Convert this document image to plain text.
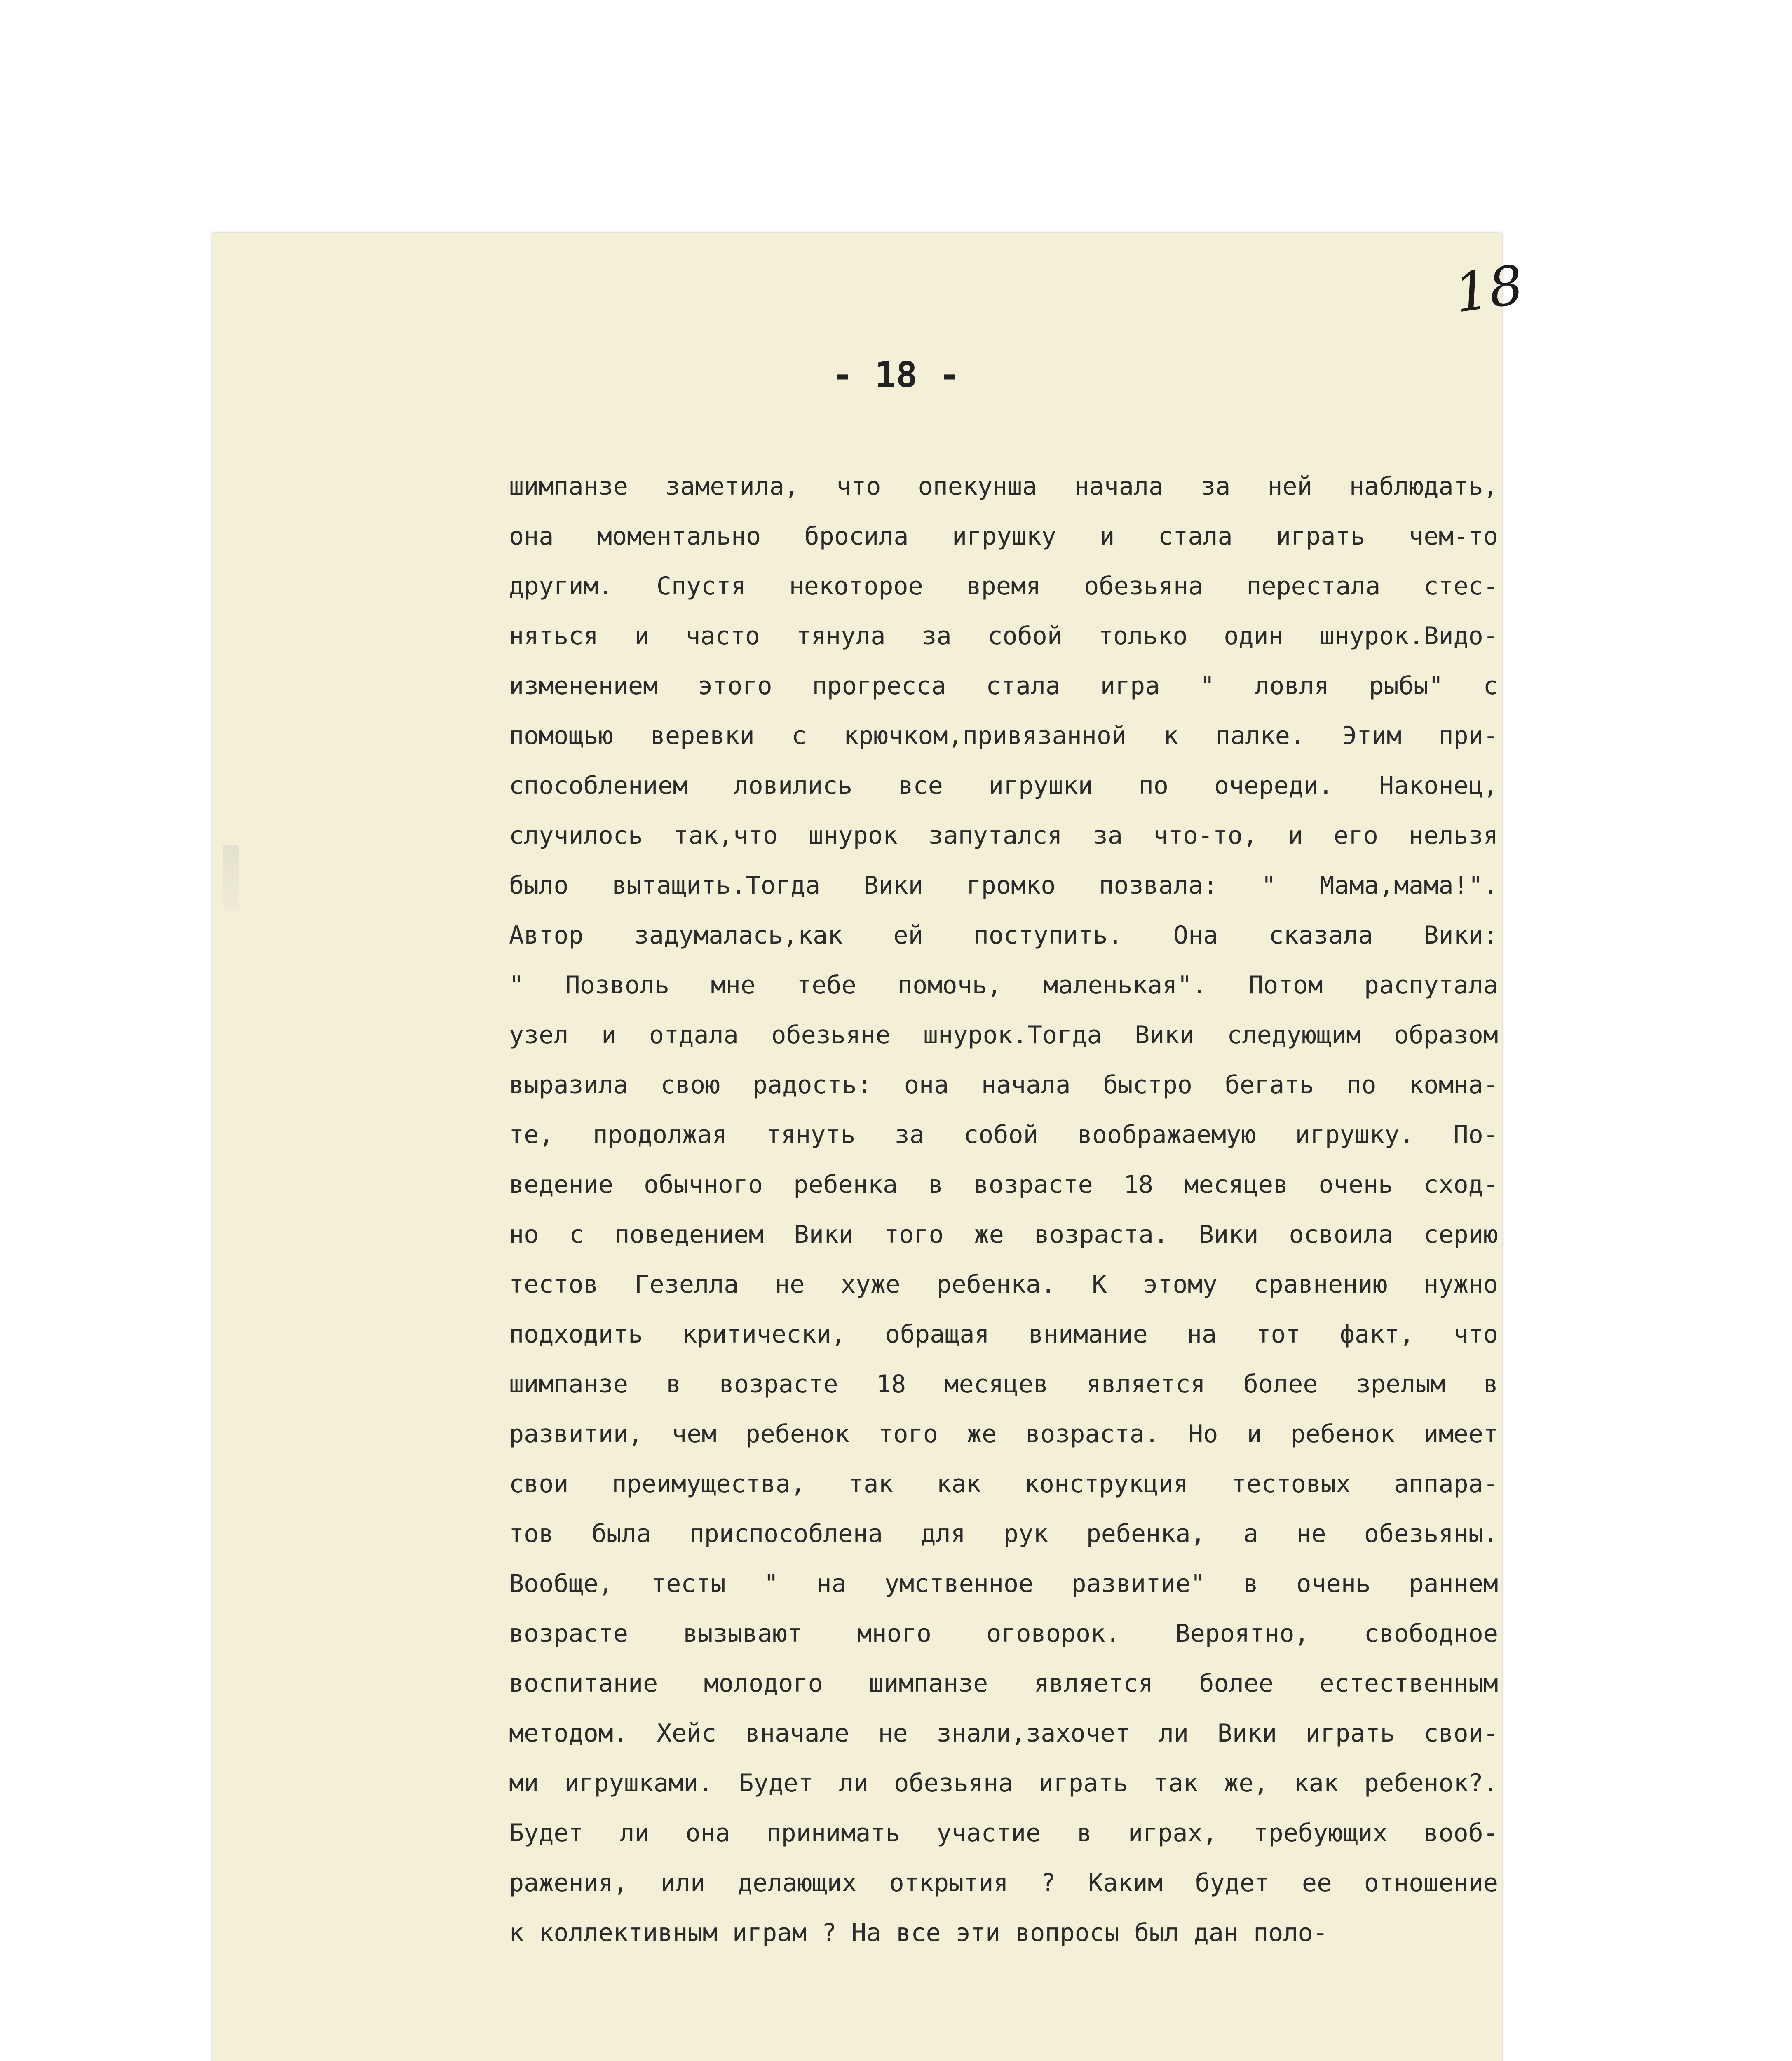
18
- 18 -
шимпанзе заметила, что опекунша начала за ней наблюдать,
она моментально бросила игрушку и стала играть чем-то
другим. Спустя некоторое время обезьяна перестала стес-
няться и часто тянула за собой только один шнурок.Видо-
изменением этого прогресса стала игра " ловля рыбы" с
помощью веревки с крючком,привязанной к палке. Этим при-
способлением ловились все игрушки по очереди. Наконец,
случилось так,что шнурок запутался за что-то, и его нельзя
было вытащить.Тогда Вики громко позвала: " Мама,мама!".
Автор задумалась,как ей поступить. Она сказала Вики:
" Позволь мне тебе помочь, маленькая". Потом распутала
узел и отдала обезьяне шнурок.Тогда Вики следующим образом
выразила свою радость: она начала быстро бегать по комна-
те, продолжая тянуть за собой воображаемую игрушку. По-
ведение обычного ребенка в возрасте 18 месяцев очень сход-
но с поведением Вики того же возраста. Вики освоила серию
тестов Гезелла не хуже ребенка. К этому сравнению нужно
подходить критически, обращая внимание на тот факт, что
шимпанзе в возрасте 18 месяцев является более зрелым в
развитии, чем ребенок того же возраста. Но и ребенок имеет
свои преимущества, так как конструкция тестовых аппара-
тов была приспособлена для рук ребенка, а не обезьяны.
Вообще, тесты " на умственное развитие" в очень раннем
возрасте вызывают много оговорок. Вероятно, свободное
воспитание молодого шимпанзе является более естественным
методом. Хейс вначале не знали,захочет ли Вики играть свои-
ми игрушками. Будет ли обезьяна играть так же, как ребенок?.
Будет ли она принимать участие в играх, требующих вооб-
ражения, или делающих открытия ? Каким будет ее отношение
к коллективным играм ? На все эти вопросы был дан поло-
